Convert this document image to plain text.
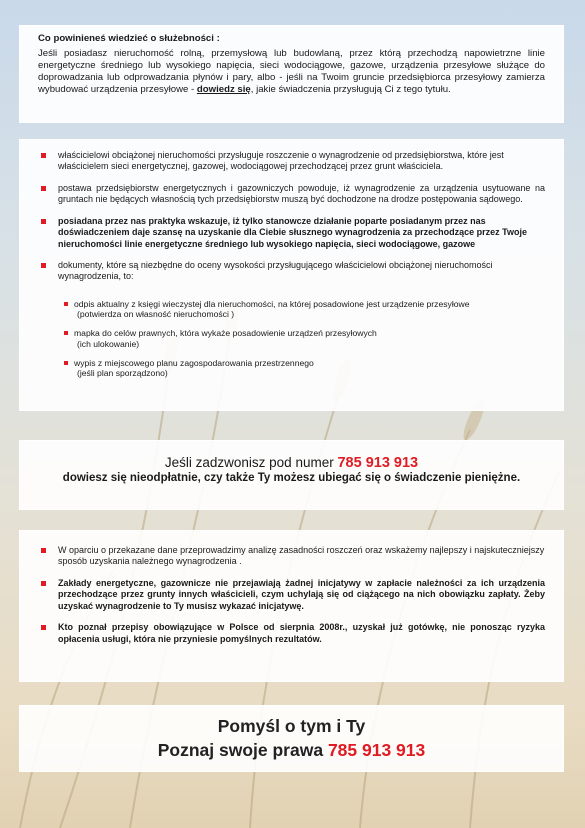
Co powinieneś wiedzieć o służebności :
Jeśli posiadasz nieruchomość rolną, przemysłową lub budowlaną, przez którą przechodzą napowietrzne linie energetyczne średniego lub wysokiego napięcia, sieci wodociągowe, gazowe, urządzenia przesyłowe służące do doprowadzania lub odprowadzania płynów i pary, albo - jeśli na Twoim gruncie przedsiębiorca przesyłowy zamierza wybudować urządzenia przesyłowe - dowiedz się, jakie świadczenia przysługują Ci z tego tytułu.
właścicielowi obciążonej nieruchomości przysługuje roszczenie o wynagrodzenie od przedsiębiorstwa, które jest właścicielem sieci energetycznej, gazowej, wodociągowej przechodzącej przez grunt właściciela.
postawa przedsiębiorstw energetycznych i gazowniczych powoduje, iż wynagrodzenie za urządzenia usytuowane na gruntach nie będących własnością tych przedsiębiorstw muszą być dochodzone na drodze postępowania sądowego.
posiadana przez nas praktyka wskazuje, iż tylko stanowcze działanie poparte posiadanym przez nas doświadczeniem daje szansę na uzyskanie dla Ciebie słusznego wynagrodzenia za przechodzące przez Twoje nieruchomości linie energetyczne średniego lub wysokiego napięcia, sieci wodociągowe, gazowe
dokumenty, które są niezbędne do oceny wysokości przysługującego właścicielowi obciążonej nieruchomości wynagrodzenia, to:
odpis aktualny z księgi wieczystej dla nieruchomości, na której posadowione jest urządzenie przesyłowe
(potwierdza on własność nieruchomości )
mapka do celów prawnych, która wykaże posadowienie urządzeń przesyłowych
(ich ulokowanie)
wypis z miejscowego planu zagospodarowania przestrzennego
(jeśli plan sporządzono)
Jeśli zadzwonisz pod numer 785 913 913
dowiesz się nieodpłatnie, czy także Ty możesz ubiegać się o świadczenie pieniężne.
W oparciu o przekazane dane przeprowadzimy analizę zasadności roszczeń oraz wskażemy najlepszy i najskuteczniejszy sposób uzyskania należnego wynagrodzenia .
Zakłady energetyczne, gazownicze nie przejawiają żadnej inicjatywy w zapłacie należności za ich urządzenia przechodzące przez grunty innych właścicieli, czym uchylają się od ciążącego na nich obowiązku zapłaty. Żeby uzyskać wynagrodzenie to Ty musisz wykazać inicjatywę.
Kto poznał przepisy obowiązujące w Polsce od sierpnia 2008r., uzyskał już gotówkę, nie ponosząc ryzyka opłacenia usługi, która nie przyniesie pomyślnych rezultatów.
Pomyśl o tym i Ty
Poznaj swoje prawa 785 913 913
